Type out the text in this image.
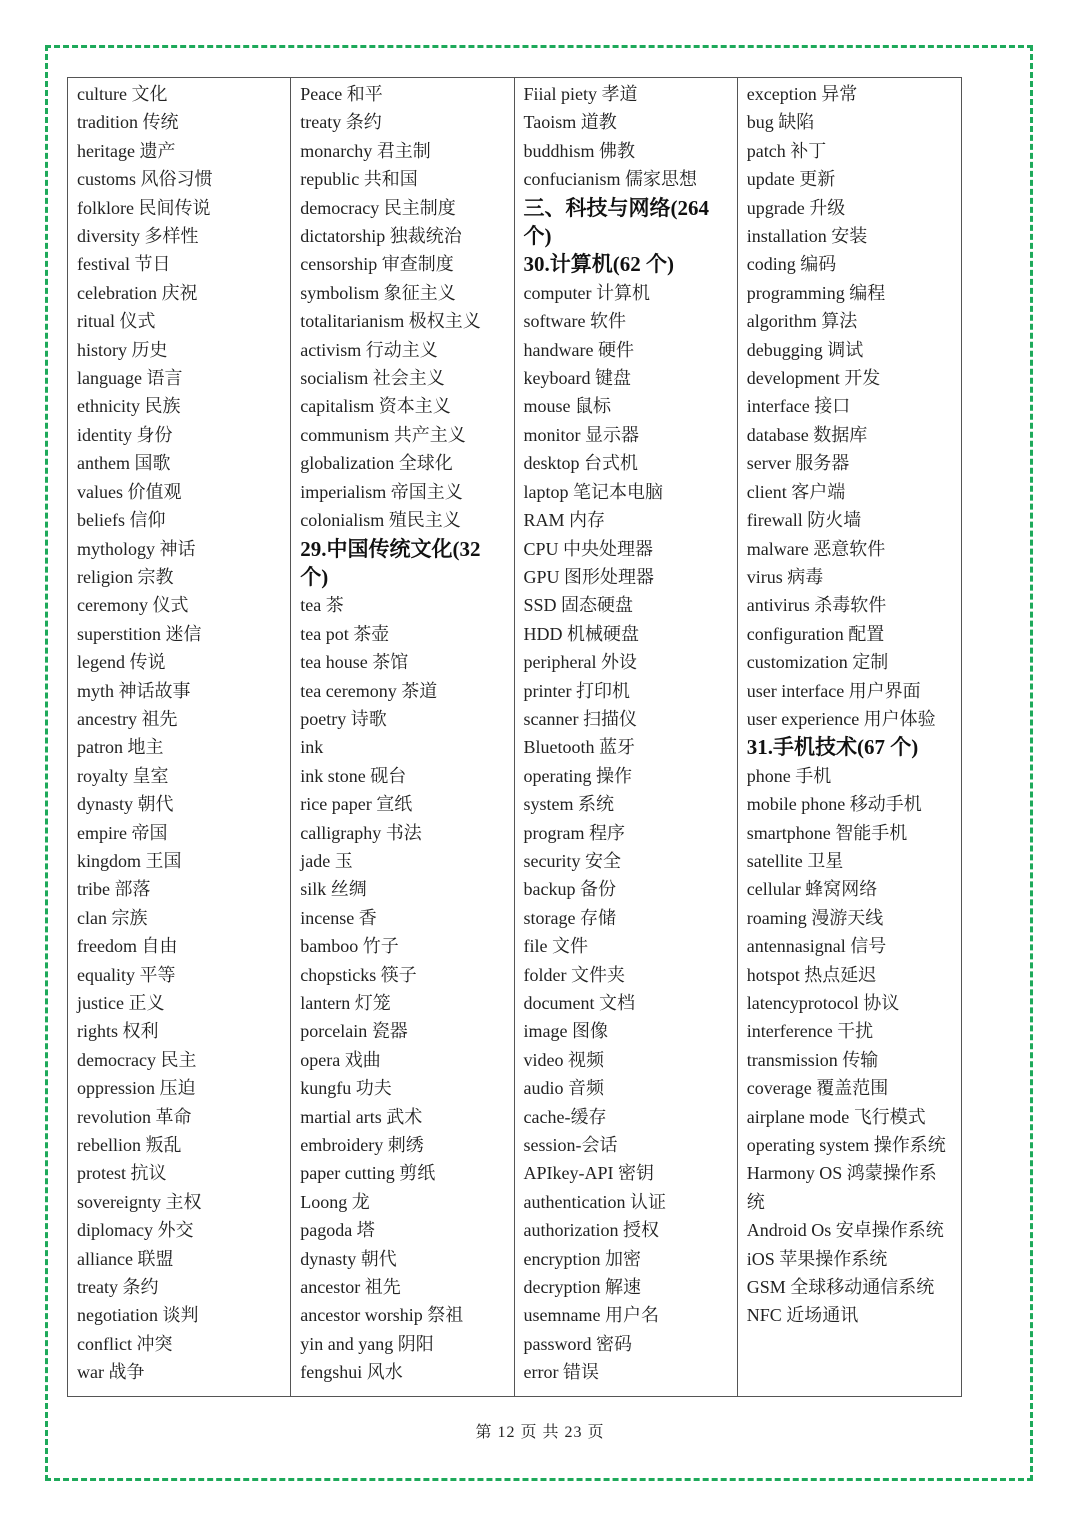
culture 文化
tradition 传统
heritage 遗产
customs 风俗习惯
folklore 民间传说
diversity 多样性
festival 节日
celebration 庆祝
ritual 仪式
history 历史
language 语言
ethnicity 民族
identity 身份
anthem 国歌
values 价值观
beliefs 信仰
mythology 神话
religion 宗教
ceremony 仪式
superstition 迷信
legend 传说
myth 神话故事
ancestry 祖先
patron 地主
royalty 皇室
dynasty 朝代
empire 帝国
kingdom 王国
tribe 部落
clan 宗族
freedom 自由
equality 平等
justice 正义
rights 权利
democracy 民主
oppression 压迫
revolution 革命
rebellion 叛乱
protest 抗议
sovereignty 主权
diplomacy 外交
alliance 联盟
treaty 条约
negotiation 谈判
conflict 冲突
war 战争
Peace 和平
treaty 条约
monarchy 君主制
republic 共和国
democracy 民主制度
dictatorship 独裁统治
censorship 审查制度
symbolism 象征主义
totalitarianism 极权主义
activism 行动主义
socialism 社会主义
capitalism 资本主义
communism 共产主义
globalization 全球化
imperialism 帝国主义
colonialism 殖民主义
29.中国传统文化(32个)
tea 茶
tea pot 茶壶
tea house 茶馆
tea ceremony 茶道
poetry 诗歌
ink
ink stone 砚台
rice paper 宣纸
calligraphy 书法
jade 玉
silk 丝绸
incense 香
bamboo 竹子
chopsticks 筷子
lantern 灯笼
porcelain 瓷器
opera 戏曲
kungfu 功夫
martial arts 武术
embroidery 刺绣
paper cutting 剪纸
Loong 龙
pagoda 塔
dynasty 朝代
ancestor 祖先
ancestor worship 祭祖
yin and yang 阴阳
fengshui 风水
Fiial piety 孝道
Taoism 道教
buddhism 佛教
confucianism 儒家思想
三、科技与网络(264个)
30.计算机(62 个)
computer 计算机
software 软件
handware 硬件
keyboard 键盘
mouse 鼠标
monitor 显示器
desktop 台式机
laptop 笔记本电脑
RAM 内存
CPU 中央处理器
GPU 图形处理器
SSD 固态硬盘
HDD 机械硬盘
peripheral 外设
printer 打印机
scanner 扫描仪
Bluetooth 蓝牙
operating 操作
system 系统
program 程序
security 安全
backup 备份
storage 存储
file 文件
folder 文件夹
document 文档
image 图像
video 视频
audio 音频
cache-缓存
session-会话
APIkey-API 密钥
authentication 认证
authorization 授权
encryption 加密
decryption 解速
usemname 用户名
password 密码
error 错误
exception 异常
bug 缺陷
patch 补丁
update 更新
upgrade 升级
installation 安装
coding 编码
programming 编程
algorithm 算法
debugging 调试
development 开发
interface 接口
database 数据库
server 服务器
client 客户端
firewall 防火墙
malware 恶意软件
virus 病毒
antivirus 杀毒软件
configuration 配置
customization 定制
user interface 用户界面
user experience 用户体验
31.手机技术(67 个)
phone 手机
mobile phone 移动手机
smartphone 智能手机
satellite 卫星
cellular 蜂窝网络
roaming 漫游天线
antennasignal 信号
hotspot 热点延迟
latencyprotocol 协议
interference 干扰
transmission 传输
coverage 覆盖范围
airplane mode 飞行模式
operating system 操作系统
Harmony OS 鸿蒙操作系统
Android Os 安卓操作系统
iOS 苹果操作系统
GSM 全球移动通信系统
NFC 近场通讯
第 12 页 共 23 页
